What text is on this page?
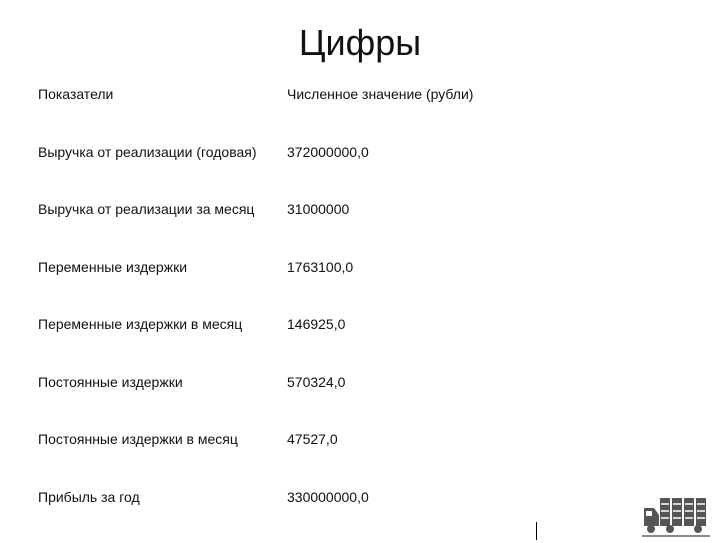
Цифры
Показатели	Численное значение (рубли)
Выручка от реализации (годовая) 372000000,0
Выручка от реализации за месяц 31000000
Переменные издержки	1763100,0
Переменные издержки в месяц	146925,0
Постоянные издержки	570324,0
Постоянные издержки в месяц	47527,0
Прибыль за год	330000000,0
